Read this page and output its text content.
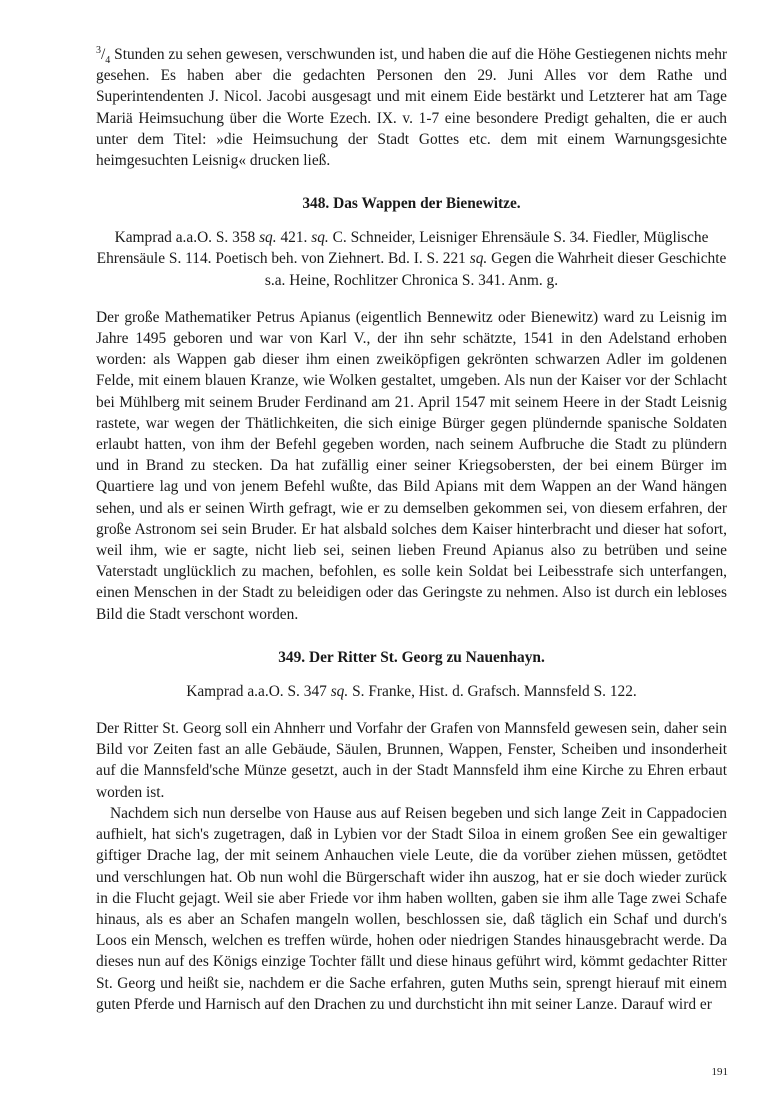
$^3/_4$ Stunden zu sehen gewesen, verschwunden ist, und haben die auf die Höhe Gestiegenen nichts mehr gesehen. Es haben aber die gedachten Personen den 29. Juni Alles vor dem Rathe und Superintendenten J. Nicol. Jacobi ausgesagt und mit einem Eide bestärkt und Letzterer hat am Tage Mariä Heimsuchung über die Worte Ezech. IX. v. 1-7 eine besondere Predigt gehalten, die er auch unter dem Titel: »die Heimsuchung der Stadt Gottes etc. dem mit einem Warnungsgesichte heimgesuchten Leisnig« drucken ließ.

348. Das Wappen der Bienewitze.

Kamprad a.a.O. S. 358 sq. 421. sq. C. Schneider, Leisniger Ehrensäule S. 34. Fiedler, Müglische Ehrensäule S. 114. Poetisch beh. von Ziehnert. Bd. I. S. 221 sq. Gegen die Wahrheit dieser Geschichte s.a. Heine, Rochlitzer Chronica S. 341. Anm. g.

Der große Mathematiker Petrus Apianus (eigentlich Bennewitz oder Bienewitz) ward zu Leisnig im Jahre 1495 geboren und war von Karl V., der ihn sehr schätzte, 1541 in den Adelstand erhoben worden: als Wappen gab dieser ihm einen zweiköpfigen gekrönten schwarzen Adler im goldenen Felde, mit einem blauen Kranze, wie Wolken gestaltet, umgeben. Als nun der Kaiser vor der Schlacht bei Mühlberg mit seinem Bruder Ferdinand am 21. April 1547 mit seinem Heere in der Stadt Leisnig rastete, war wegen der Thätlichkeiten, die sich einige Bürger gegen plündernde spanische Soldaten erlaubt hatten, von ihm der Befehl gegeben worden, nach seinem Aufbruche die Stadt zu plündern und in Brand zu stecken. Da hat zufällig einer seiner Kriegsobersten, der bei einem Bürger im Quartiere lag und von jenem Befehl wußte, das Bild Apians mit dem Wappen an der Wand hängen sehen, und als er seinen Wirth gefragt, wie er zu demselben gekommen sei, von diesem erfahren, der große Astronom sei sein Bruder. Er hat alsbald solches dem Kaiser hinterbracht und dieser hat sofort, weil ihm, wie er sagte, nicht lieb sei, seinen lieben Freund Apianus also zu betrüben und seine Vaterstadt unglücklich zu machen, befohlen, es solle kein Soldat bei Leibesstrafe sich unterfangen, einen Menschen in der Stadt zu beleidigen oder das Geringste zu nehmen. Also ist durch ein lebloses Bild die Stadt verschont worden.

349. Der Ritter St. Georg zu Nauenhayn.

Kamprad a.a.O. S. 347 sq. S. Franke, Hist. d. Grafsch. Mannsfeld S. 122.

Der Ritter St. Georg soll ein Ahnherr und Vorfahr der Grafen von Mannsfeld gewesen sein, daher sein Bild vor Zeiten fast an alle Gebäude, Säulen, Brunnen, Wappen, Fenster, Scheiben und insonderheit auf die Mannsfeld'sche Münze gesetzt, auch in der Stadt Mannsfeld ihm eine Kirche zu Ehren erbaut worden ist.

Nachdem sich nun derselbe von Hause aus auf Reisen begeben und sich lange Zeit in Cappadocien aufhielt, hat sich's zugetragen, daß in Lybien vor der Stadt Siloa in einem großen See ein gewaltiger giftiger Drache lag, der mit seinem Anhauchen viele Leute, die da vorüber ziehen müssen, getödtet und verschlungen hat. Ob nun wohl die Bürgerschaft wider ihn auszog, hat er sie doch wieder zurück in die Flucht gejagt. Weil sie aber Friede vor ihm haben wollten, gaben sie ihm alle Tage zwei Schafe hinaus, als es aber an Schafen mangeln wollen, beschlossen sie, daß täglich ein Schaf und durch's Loos ein Mensch, welchen es treffen würde, hohen oder niedrigen Standes hinausgebracht werde. Da dieses nun auf des Königs einzige Tochter fällt und diese hinaus geführt wird, kömmt gedachter Ritter St. Georg und heißt sie, nachdem er die Sache erfahren, guten Muths sein, sprengt hierauf mit einem guten Pferde und Harnisch auf den Drachen zu und durchsticht ihn mit seiner Lanze. Darauf wird er

191
